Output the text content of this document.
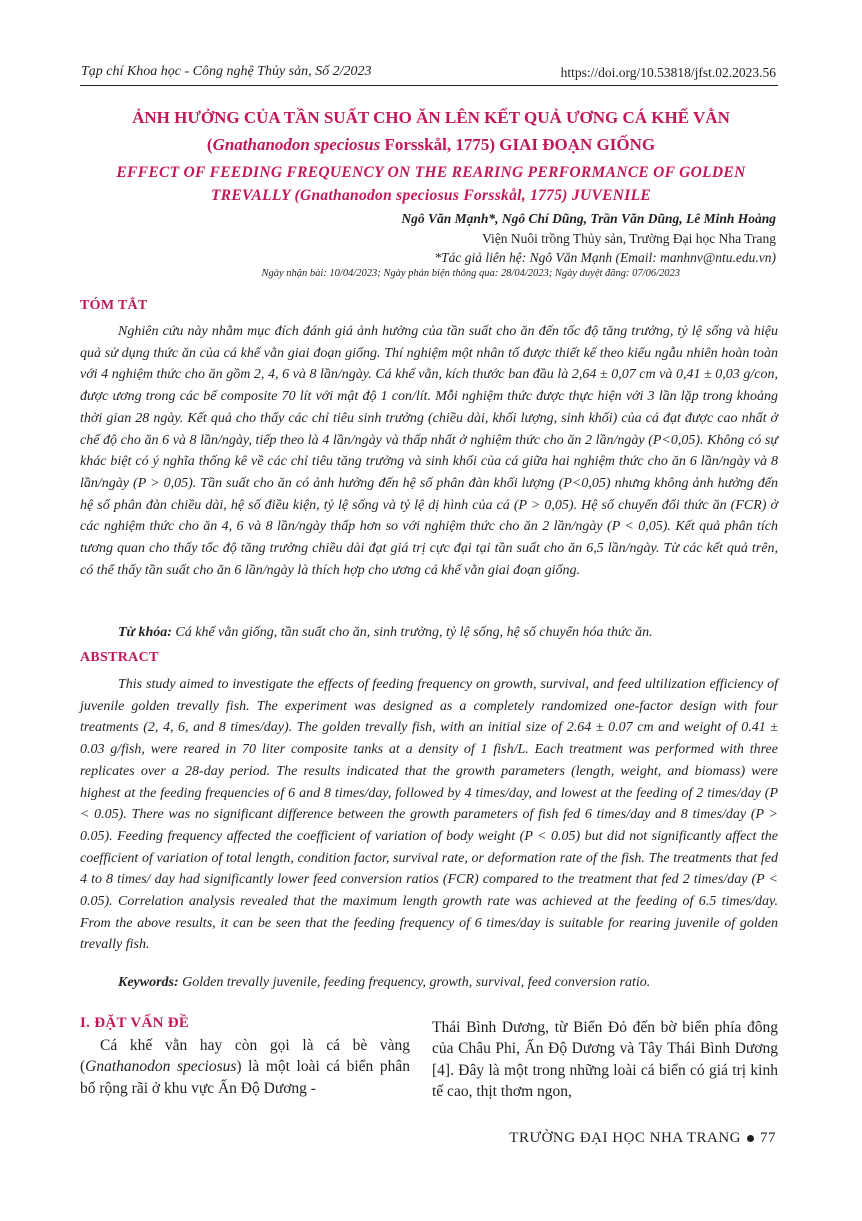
Tạp chí Khoa học - Công nghệ Thủy sản, Số 2/2023	https://doi.org/10.53818/jfst.02.2023.56
ẢNH HƯỞNG CỦA TẦN SUẤT CHO ĂN LÊN KẾT QUẢ ƯƠNG CÁ KHẾ VẰN
(Gnathanodon speciosus Forsskål, 1775) GIAI ĐOẠN GIỐNG
EFFECT OF FEEDING FREQUENCY ON THE REARING PERFORMANCE OF GOLDEN
TREVALLY (Gnathanodon speciosus Forsskål, 1775) JUVENILE
Ngô Văn Mạnh*, Ngô Chí Dũng, Trần Văn Dũng, Lê Minh Hoàng
Viện Nuôi trồng Thủy sản, Trường Đại học Nha Trang
*Tác giả liên hệ: Ngô Văn Mạnh (Email: manhnv@ntu.edu.vn)
Ngày nhận bài: 10/04/2023; Ngày phản biện thông qua: 28/04/2023; Ngày duyệt đăng: 07/06/2023
TÓM TẮT
Nghiên cứu này nhằm mục đích đánh giá ảnh hưởng của tần suất cho ăn đến tốc độ tăng trưởng, tỷ lệ sống và hiệu quả sử dụng thức ăn của cá khế vằn giai đoạn giống. Thí nghiệm một nhân tố được thiết kế theo kiểu ngẫu nhiên hoàn toàn với 4 nghiệm thức cho ăn gồm 2, 4, 6 và 8 lần/ngày. Cá khế vằn, kích thước ban đầu là 2,64 ± 0,07 cm và 0,41 ± 0,03 g/con, được ương trong các bể composite 70 lít với mật độ 1 con/lít. Mỗi nghiệm thức được thực hiện với 3 lần lặp trong khoảng thời gian 28 ngày. Kết quả cho thấy các chỉ tiêu sinh trưởng (chiều dài, khối lượng, sinh khối) của cá đạt được cao nhất ở chế độ cho ăn 6 và 8 lần/ngày, tiếp theo là 4 lần/ngày và thấp nhất ở nghiệm thức cho ăn 2 lần/ngày (P<0,05). Không có sự khác biệt có ý nghĩa thống kê về các chỉ tiêu tăng trưởng và sinh khối của cá giữa hai nghiệm thức cho ăn 6 lần/ngày và 8 lần/ngày (P > 0,05). Tần suất cho ăn có ảnh hưởng đến hệ số phân đàn khối lượng (P<0,05) nhưng không ảnh hưởng đến hệ số phân đàn chiều dài, hệ số điều kiện, tỷ lệ sống và tỷ lệ dị hình của cá (P > 0,05). Hệ số chuyển đổi thức ăn (FCR) ở các nghiệm thức cho ăn 4, 6 và 8 lần/ngày thấp hơn so với nghiệm thức cho ăn 2 lần/ngày (P < 0,05). Kết quả phân tích tương quan cho thấy tốc độ tăng trưởng chiều dài đạt giá trị cực đại tại tần suất cho ăn 6,5 lần/ngày. Từ các kết quả trên, có thể thấy tần suất cho ăn 6 lần/ngày là thích hợp cho ương cá khế vằn giai đoạn giống.
Từ khóa: Cá khế vằn giống, tần suất cho ăn, sinh trưởng, tỷ lệ sống, hệ số chuyển hóa thức ăn.
ABSTRACT
This study aimed to investigate the effects of feeding frequency on growth, survival, and feed ultilization efficiency of juvenile golden trevally fish. The experiment was designed as a completely randomized one-factor design with four treatments (2, 4, 6, and 8 times/day). The golden trevally fish, with an initial size of 2.64 ± 0.07 cm and weight of 0.41 ± 0.03 g/fish, were reared in 70 liter composite tanks at a density of 1 fish/L. Each treatment was performed with three replicates over a 28-day period. The results indicated that the growth parameters (length, weight, and biomass) were highest at the feeding frequencies of 6 and 8 times/day, followed by 4 times/day, and lowest at the feeding of 2 times/day (P < 0.05). There was no significant difference between the growth parameters of fish fed 6 times/day and 8 times/day (P > 0.05). Feeding frequency affected the coefficient of variation of body weight (P < 0.05) but did not significantly affect the coefficient of variation of total length, condition factor, survival rate, or deformation rate of the fish. The treatments that fed 4 to 8 times/ day had significantly lower feed conversion ratios (FCR) compared to the treatment that fed 2 times/day (P < 0.05). Correlation analysis revealed that the maximum length growth rate was achieved at the feeding of 6.5 times/day. From the above results, it can be seen that the feeding frequency of 6 times/day is suitable for rearing juvenile of golden trevally fish.
Keywords: Golden trevally juvenile, feeding frequency, growth, survival, feed conversion ratio.
I. ĐẶT VẤN ĐỀ
Cá khế vằn hay còn gọi là cá bè vàng (Gnathanodon speciosus) là một loài cá biển phân bố rộng rãi ở khu vực Ấn Độ Dương -
Thái Bình Dương, từ Biển Đỏ đến bờ biển phía đông của Châu Phi, Ấn Độ Dương và Tây Thái Bình Dương [4]. Đây là một trong những loài cá biển có giá trị kinh tế cao, thịt thơm ngon,
TRƯỜNG ĐẠI HỌC NHA TRANG 77
